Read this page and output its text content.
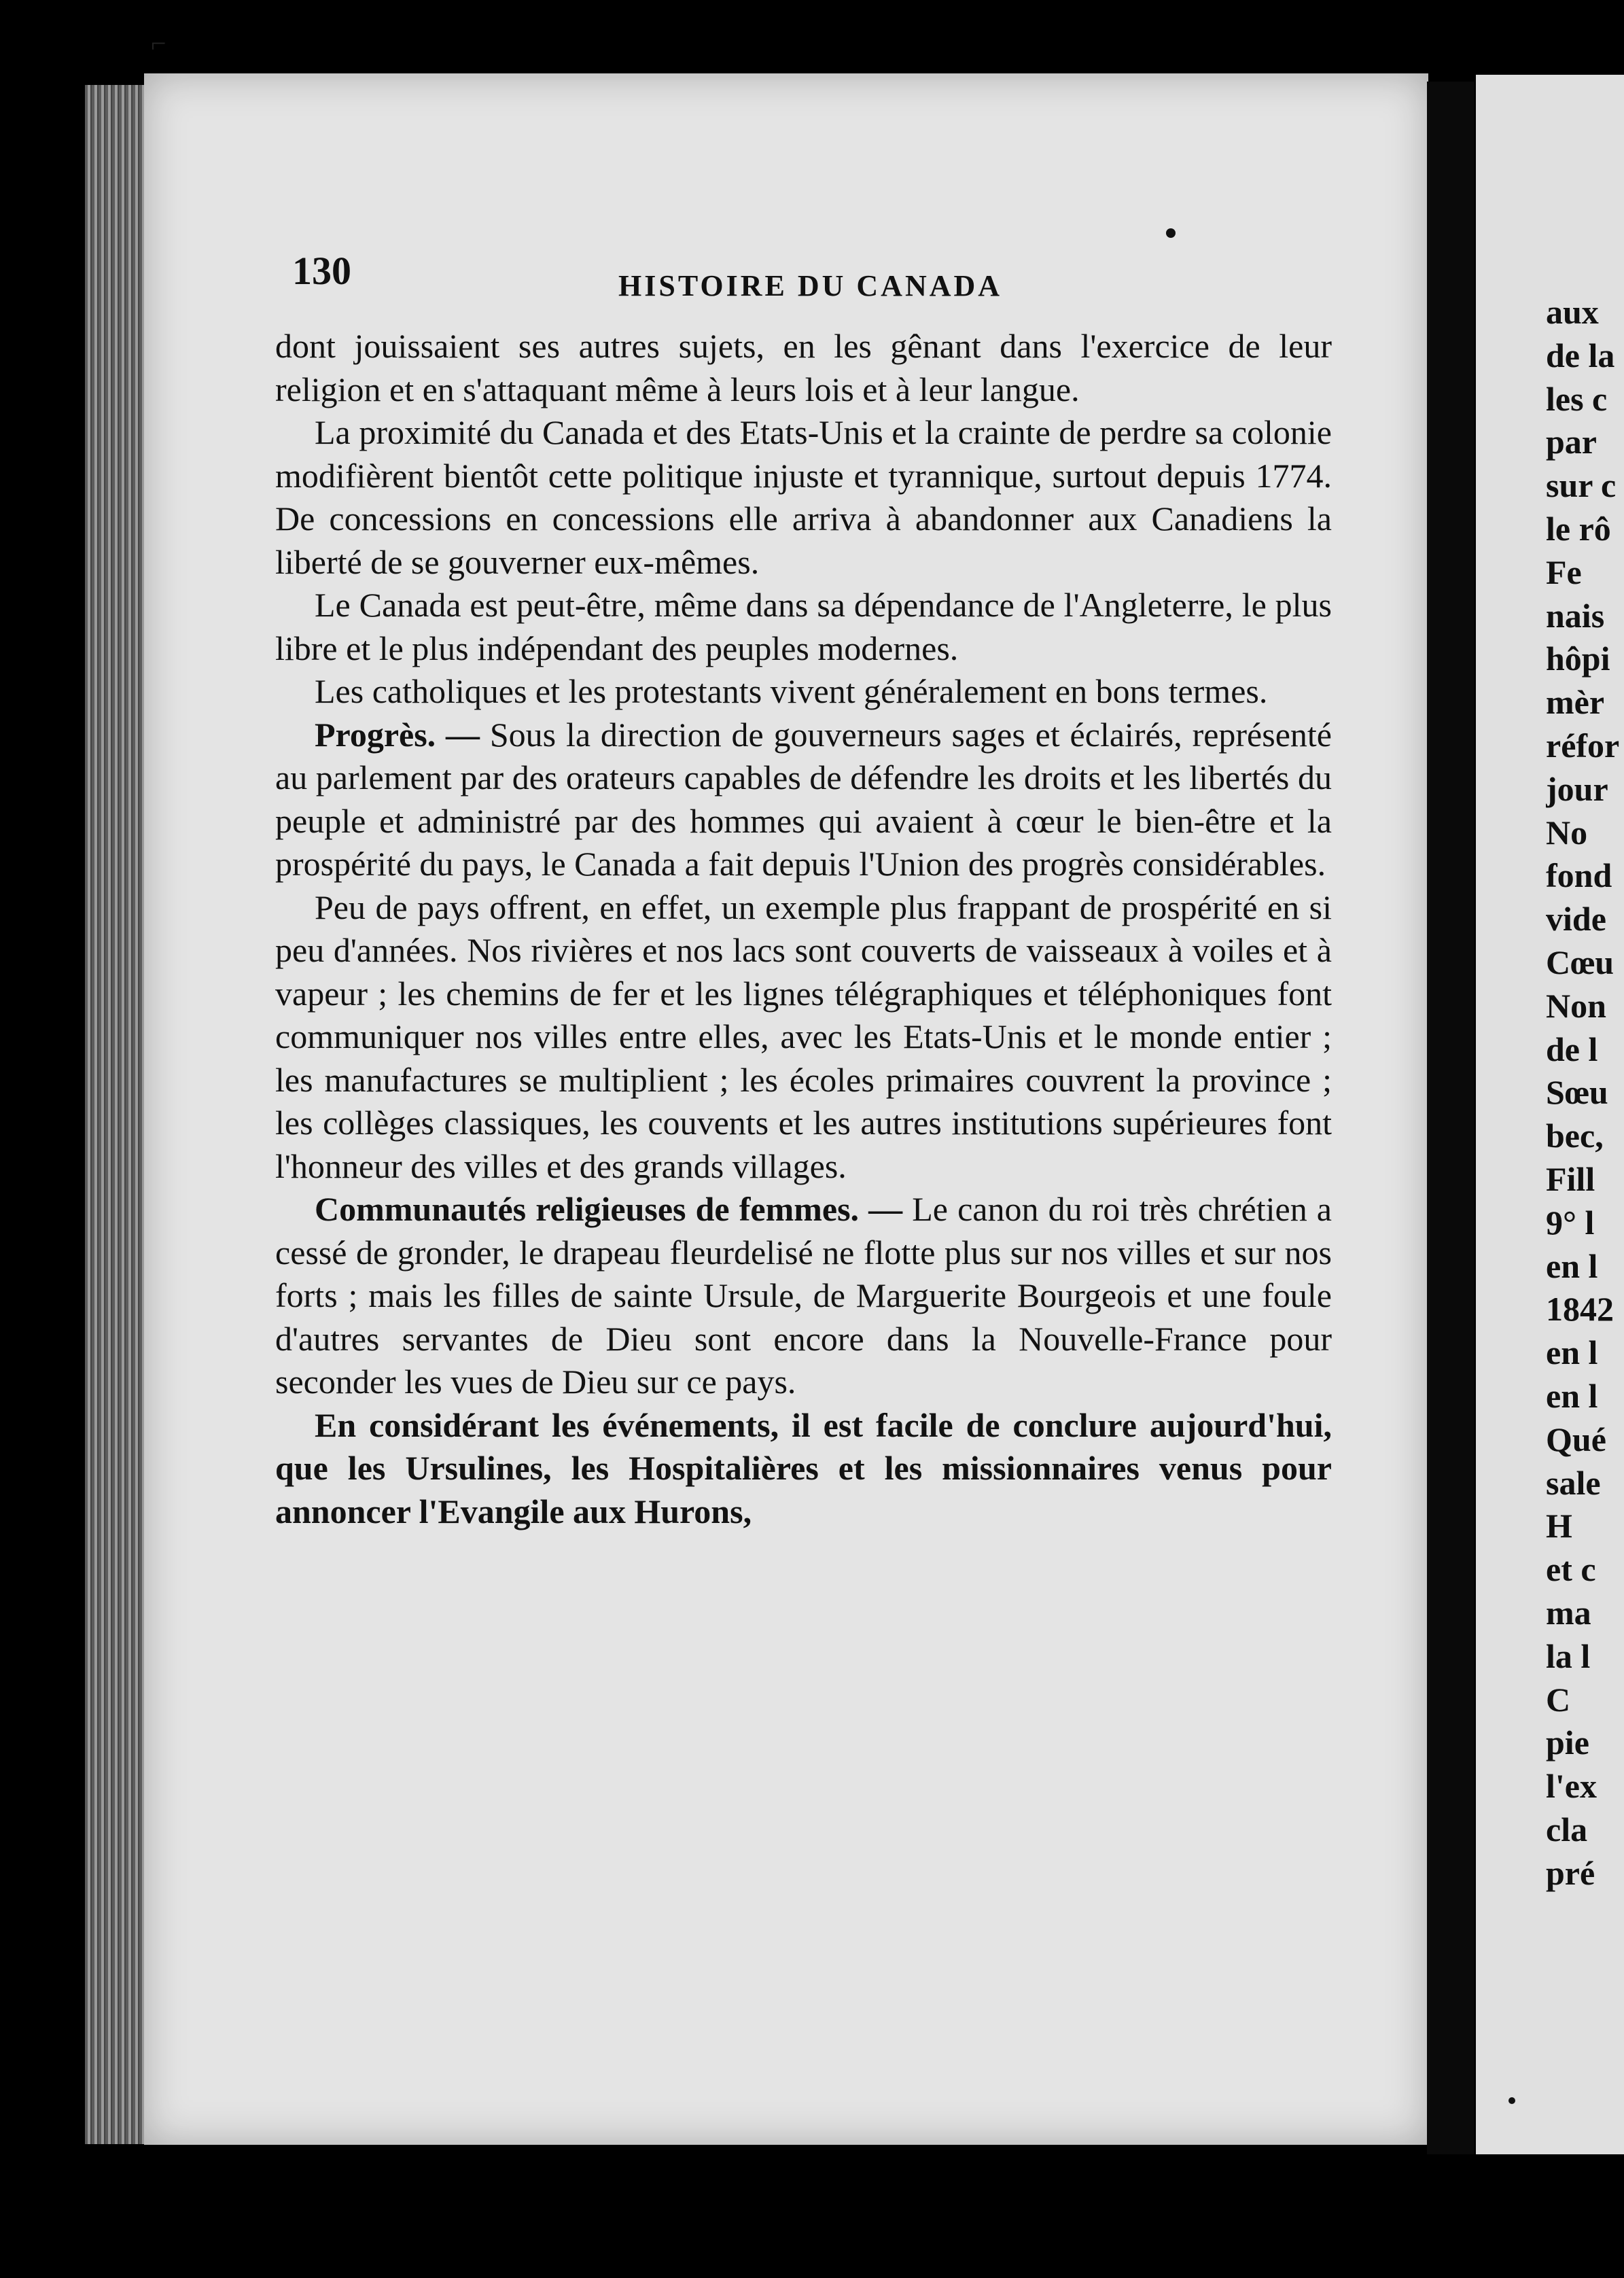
130	HISTOIRE DU CANADA

dont jouissaient ses autres sujets, en les gênant dans l'exercice de leur religion et en s'attaquant même à leurs lois et à leur langue.

La proximité du Canada et des Etats-Unis et la crainte de perdre sa colonie modifièrent bientôt cette politique injuste et tyrannique, surtout depuis 1774. De concessions en concessions elle arriva à abandonner aux Canadiens la liberté de se gouverner eux-mêmes.

Le Canada est peut-être, même dans sa dépendance de l'Angleterre, le plus libre et le plus indépendant des peuples modernes.

Les catholiques et les protestants vivent généralement en bons termes.

Progrès. — Sous la direction de gouverneurs sages et éclairés, représenté au parlement par des orateurs capables de défendre les droits et les libertés du peuple et administré par des hommes qui avaient à cœur le bien-être et la prospérité du pays, le Canada a fait depuis l'Union des progrès considérables.

Peu de pays offrent, en effet, un exemple plus frappant de prospérité en si peu d'années. Nos rivières et nos lacs sont couverts de vaisseaux à voiles et à vapeur ; les chemins de fer et les lignes télégraphiques et téléphoniques font communiquer nos villes entre elles, avec les Etats-Unis et le monde entier ; les manufactures se multiplient ; les écoles primaires couvrent la province ; les collèges classiques, les couvents et les autres institutions supérieures font l'honneur des villes et des grands villages.

Communautés religieuses de femmes. — Le canon du roi très chrétien a cessé de gronder, le drapeau fleurdelisé ne flotte plus sur nos villes et sur nos forts ; mais les filles de sainte Ursule, de Marguerite Bourgeois et une foule d'autres servantes de Dieu sont encore dans la Nouvelle-France pour seconder les vues de Dieu sur ce pays.

En considérant les événements, il est facile de conclure aujourd'hui, que les Ursulines, les Hospitalières et les missionnaires venus pour annoncer l'Evangile aux Hurons,

aux
de la
les c
par
sur c
le rô
Fe
nais
hôpi
mèr
réfor
jour
No
fond
vide
Cœu
Non
de l
Sœu
bec,
Fill
9° l
en l
1842
en l
en l
Qué
sale
H
et c
ma
la l
C
pie
l'ex
cla
pré
⌐
